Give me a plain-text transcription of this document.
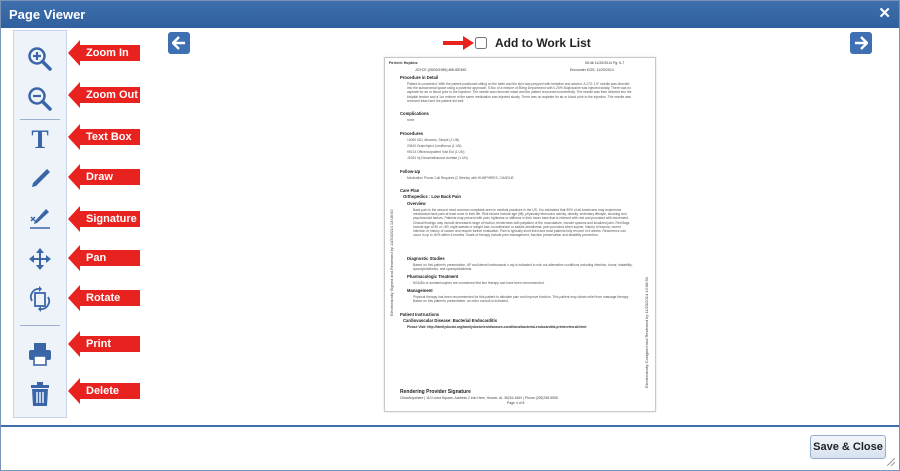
Page Viewer	✕
T
Zoom In
Zoom Out
Text Box
Draw
Signature
Pan
Rotate
Print
Delete
Add to Work List
Pa tient: Hopkins	05:46 11/20/2014 Pg: 5-7
JOYCE (09/09/1955) #MUDEMO	Encounter DOS: 11/20/2014
Procedure in Detail
Patient is consented. With the patient positioned sitting on the table and the skin was prepped with betadine and alcohol. A 27G 1.5" needle was directed into the subacromial space using a posterior approach. 5.5cc of a mixture of 80mg Depomedrol with 0.25% Bupivicaine was injected slowly. There was no aspirate for air or blood prior to the injection. The needle was removed intact and the patient recovered uneventfully. The needle was then directed into the bicipital tendon and a 1cc mixture of the same medication was injected slowly. There was no aspirate for air or blood prior to the injection. The needle was removed intact and the patient did well.
Complications
none
Procedures
10060 I&D, Abscess, Simple (1 UN)
20610 Drain/Inject Joint/bursa (1 UN)
99214 Office/outpatient Visit Est (1 UN)
J1094 Inj Dexamethasone Acetate (1 UN)
Follow-Up
Medication Phone Call Required (2 Weeks) with HUMPHRIES, CHARLIE
Care Plan
Orthopedics : Low Back Pain
Overview
Back pain is the second most common complaint seen in medical practices in the US. It is estimated that 90% of all Americans may experience mechanical back pain at least once in their life. Risk factors include age (lift), physically strenuous activity, obesity, sedentary lifestyle, smoking and psychosocial factors. Patients may present with pain, tightness or stiffness in their lower back that is relieved with rest and provoked with movement. Clinical findings may include decreased range of motion, tenderness with palpation of the musculature, muscle spasms and localized pain. Red flags include age of 50 or >50, night sweats or weight loss, incontinence or saddle anesthesia, pain provoked when supine, history of trauma, recent infection or history of cancer and require further evaluation. Pain is typically short lived and most patients fully recover in 6 weeks. Recurrence can occur in up to 40% within 6 months. Goals of therapy include pain management, function preservation and disability prevention.
Diagnostic Studies
Based on this patient's presentation, AP and lateral lumbosacral x-ray is indicated to rule out alternative conditions including infection, tumor, instability, spondylolisthesis, and spondylolisthesis.
Pharmacologic Treatment
NSAIDs or acetaminophen are considered first line therapy and have been recommended.
Management
Physical therapy has been recommended for this patient to alleviate pain and improve function. This patient may obtain relief from massage therapy. Based on this patient's presentation, an ortho consult is indicated.
Patient Instructions
Cardiovascular Disease: Bacterial Endocarditis
Please Visit: http://familydoctor.org/familydoctor/en/diseases-conditions/bacterial-endocarditis.printerview.all.html
Electronically Signed and Reviewed by 11/20/2014 13:08:50
Electronically Cosigned and Reviewed by 11/20/2014 13:08:50
Rendering Provider Signature
ClinicAnywhere | 110 Loma Square, Address 2 Info Here, Hoover, AL 35216-3460 | Phone (205)768-5555
Page 4 of 8
Save & Close
